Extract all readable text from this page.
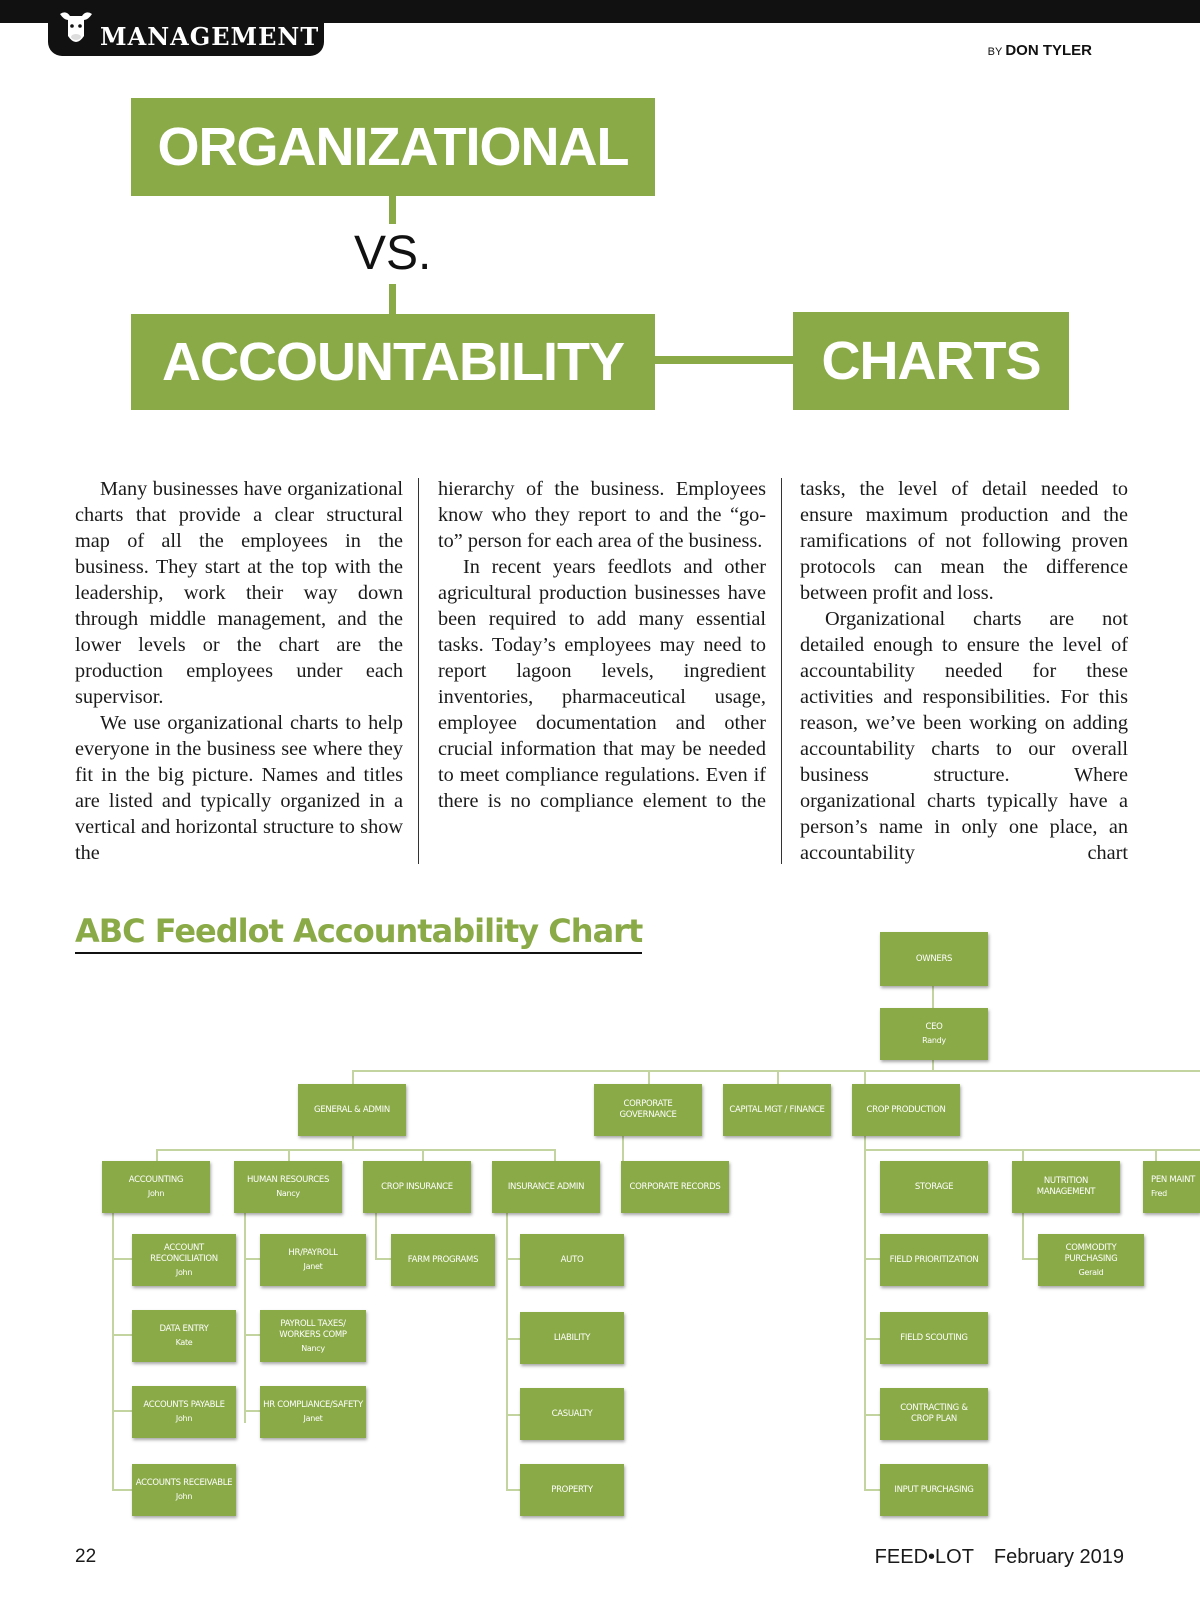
MANAGEMENT
BY DON TYLER
ORGANIZATIONAL
VS.
ACCOUNTABILITY	CHARTS

Many businesses have organizational charts that provide a clear structural map of all the employees in the business. They start at the top with the leadership, work their way down through middle management, and the lower levels or the chart are the production employees under each supervisor.

We use organizational charts to help everyone in the business see where they fit in the big picture. Names and titles are listed and typically organized in a vertical and horizontal structure to show the

hierarchy of the business. Employees know who they report to and the “go-to” person for each area of the business.

In recent years feedlots and other agricultural production businesses have been required to add many essential tasks. Today’s employees may need to report lagoon levels, ingredient inventories, pharmaceutical usage, employee documentation and other crucial information that may be needed to meet compliance regulations. Even if there is no compliance element to the

tasks, the level of detail needed to ensure maximum production and the ramifications of not following proven protocols can mean the difference between profit and loss.

Organizational charts are not detailed enough to ensure the level of accountability needed for these activities and responsibilities. For this reason, we’ve been working on adding accountability charts to our overall business structure. Where organizational charts typically have a person’s name in only one place, an accountability chart

ABC Feedlot Accountability Chart
OWNERS
CEO
Randy
GENERAL & ADMIN
CORPORATE
GOVERNANCE
CAPITAL MGT / FINANCE	CROP PRODUCTION
ACCOUNTING
John
HUMAN RESOURCES
Nancy
CROP INSURANCE	INSURANCE ADMIN	CORPORATE RECORDS	STORAGE
NUTRITION
MANAGEMENT
PEN MAINT
Fred
ACCOUNT
RECONCILIATION
John
DATA ENTRY
Kate
ACCOUNTS PAYABLE
John
ACCOUNTS RECEIVABLE
John
HR/PAYROLL
Janet
PAYROLL TAXES/
WORKERS COMP
Nancy
HR COMPLIANCE/SAFETY
Janet
FARM PROGRAMS	AUTO
LIABILITY
CASUALTY
PROPERTY
FIELD PRIORITIZATION
FIELD SCOUTING
CONTRACTING &
CROP PLAN
INPUT PURCHASING
COMMODITY
PURCHASING
Gerald
22	FEED•LOT February 2019
